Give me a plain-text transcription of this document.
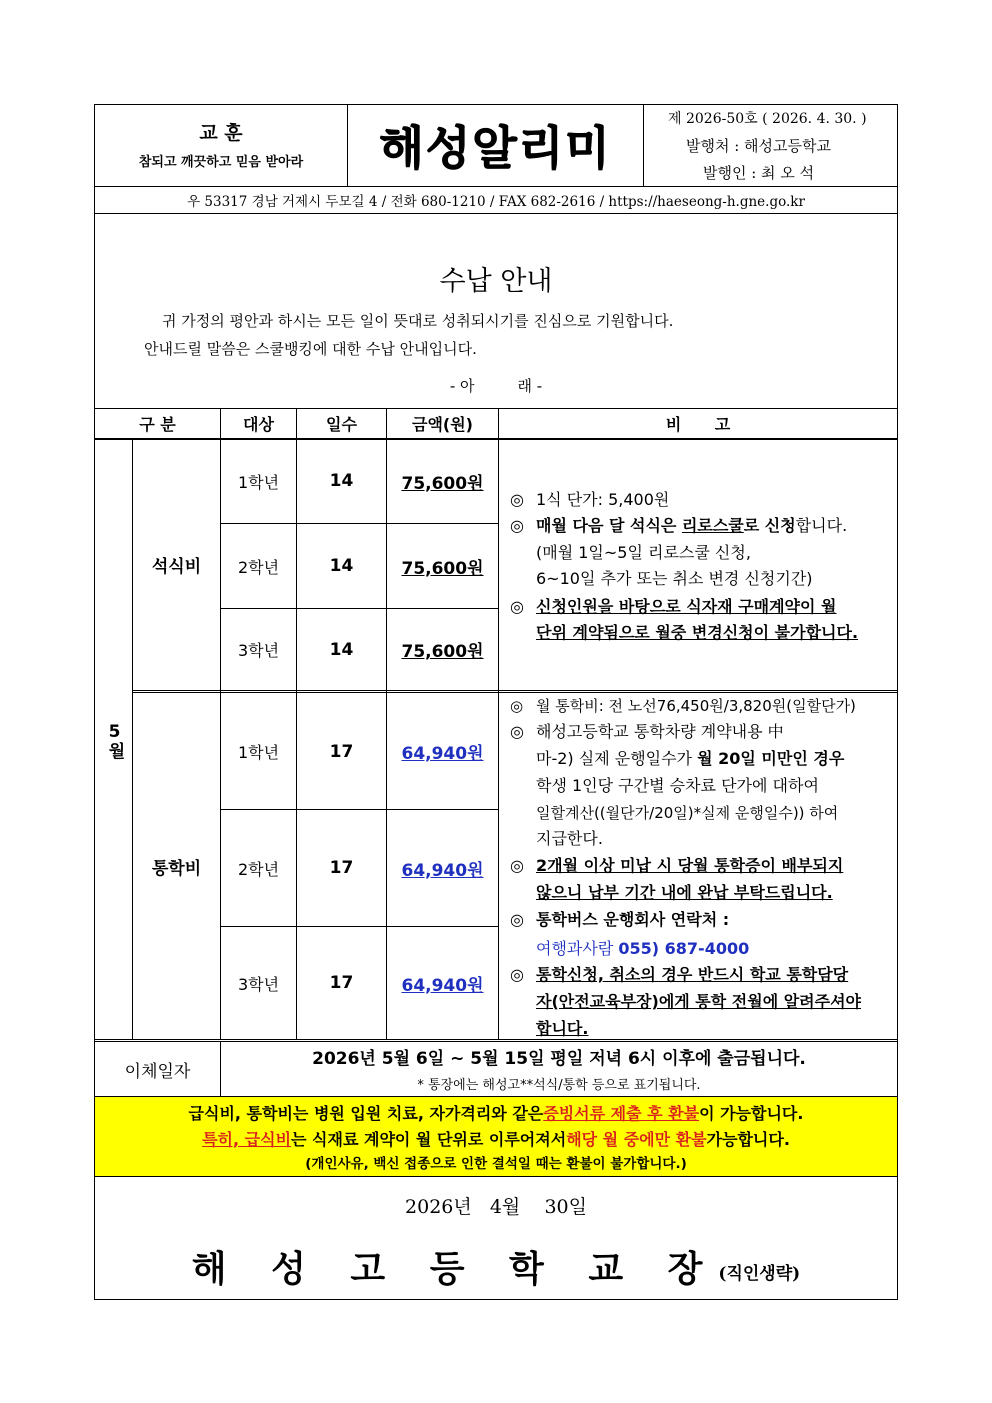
교 훈
참되고 깨끗하고 믿음 받아라	해성알리미
제 2026-50호 ( 2026. 4. 30. )
발행처 : 해성고등학교
발행인 : 최 오 석
우 53317 경남 거제시 두모길 4 / 전화 680-1210 / FAX 682-2616 / https://haeseong-h.gne.go.kr
수납 안내
귀 가정의 평안과 하시는 모든 일이 뜻대로 성취되시기를 진심으로 기원합니다.
안내드릴 말씀은 스쿨뱅킹에 대한 수납 안내입니다.
- 아         래 -
구 분	대상	일수	금액(원)	비      고
5월
석식비
1학년	14	75,600원
2학년	14	75,600원
3학년	14	75,600원
◎ 1식 단가: 5,400원
◎ 매월 다음 달 석식은 리로스쿨로 신청합니다.
(매월 1일~5일 리로스쿨 신청,
6~10일 추가 또는 취소 변경 신청기간)
◎ 신청인원을 바탕으로 식자재 구매계약이 월
단위 계약됨으로 월중 변경신청이 불가합니다.
통학비
1학년	17	64,940원
2학년	17	64,940원
3학년	17	64,940원
◎ 월 통학비: 전 노선76,450원/3,820원(일할단가)
◎ 해성고등학교 통학차량 계약내용 中
마-2) 실제 운행일수가 월 20일 미만인 경우
학생 1인당 구간별 승차료 단가에 대하여
일할계산((월단가/20일)*실제 운행일수)) 하여
지급한다.
◎ 2개월 이상 미납 시 당월 통학증이 배부되지
않으니 납부 기간 내에 완납 부탁드립니다.
◎ 통학버스 운행회사 연락처 :
여행과사람 055) 687-4000
◎ 통학신청, 취소의 경우 반드시 학교 통학담당
자(안전교육부장)에게 통학 전월에 알려주셔야
합니다.
이체일자
2026년 5월 6일 ~ 5월 15일 평일 저녁 6시 이후에 출금됩니다.
* 통장에는 해성고**석식/통학 등으로 표기됩니다.
급식비, 통학비는 병원 입원 치료, 자가격리와 같은 증빙서류 제출 후 환불 이 가능합니다.
특히, 급식비 는 식재료 계약이 월 단위로 이루어져서 해당 월 중에만 환불 가능합니다.
(개인사유, 백신 접종으로 인한 결석일 때는 환불이 불가합니다.)
2026년   4월    30일
해 성 고 등 학 교 장 (직인생략)
